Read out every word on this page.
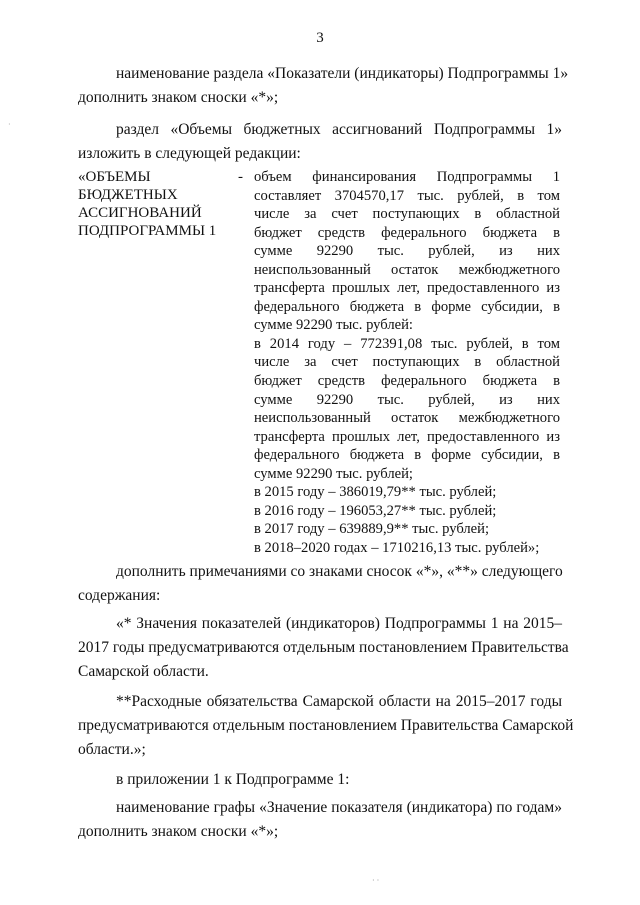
3

наименование раздела «Показатели (индикаторы) Подпрограммы 1»
дополнить знаком сноски «*»;

раздел «Объемы бюджетных ассигнований Подпрограммы 1»
изложить в следующей редакции:

«ОБЪЕМЫ
БЮДЖЕТНЫХ
АССИГНОВАНИЙ
ПОДПРОГРАММЫ 1
- объем финансирования Подпрограммы 1
составляет 3704570,17 тыс. рублей, в том
числе за счет поступающих в областной
бюджет средств федерального бюджета в
сумме 92290 тыс. рублей, из них
неиспользованный остаток межбюджетного
трансферта прошлых лет, предоставленного из
федерального бюджета в форме субсидии, в
сумме 92290 тыс. рублей:
в 2014 году – 772391,08 тыс. рублей, в том
числе за счет поступающих в областной
бюджет средств федерального бюджета в
сумме 92290 тыс. рублей, из них
неиспользованный остаток межбюджетного
трансферта прошлых лет, предоставленного из
федерального бюджета в форме субсидии, в
сумме 92290 тыс. рублей;
в 2015 году – 386019,79** тыс. рублей;
в 2016 году – 196053,27** тыс. рублей;
в 2017 году – 639889,9** тыс. рублей;
в 2018–2020 годах – 1710216,13 тыс. рублей»;

дополнить примечаниями со знаками сносок «*», «**» следующего
содержания:

«* Значения показателей (индикаторов) Подпрограммы 1 на 2015–
2017 годы предусматриваются отдельным постановлением Правительства
Самарской области.

**Расходные обязательства Самарской области на 2015–2017 годы
предусматриваются отдельным постановлением Правительства Самарской
области.»;

в приложении 1 к Подпрограмме 1:

наименование графы «Значение показателя (индикатора) по годам»
дополнить знаком сноски «*»;

· ·
·
